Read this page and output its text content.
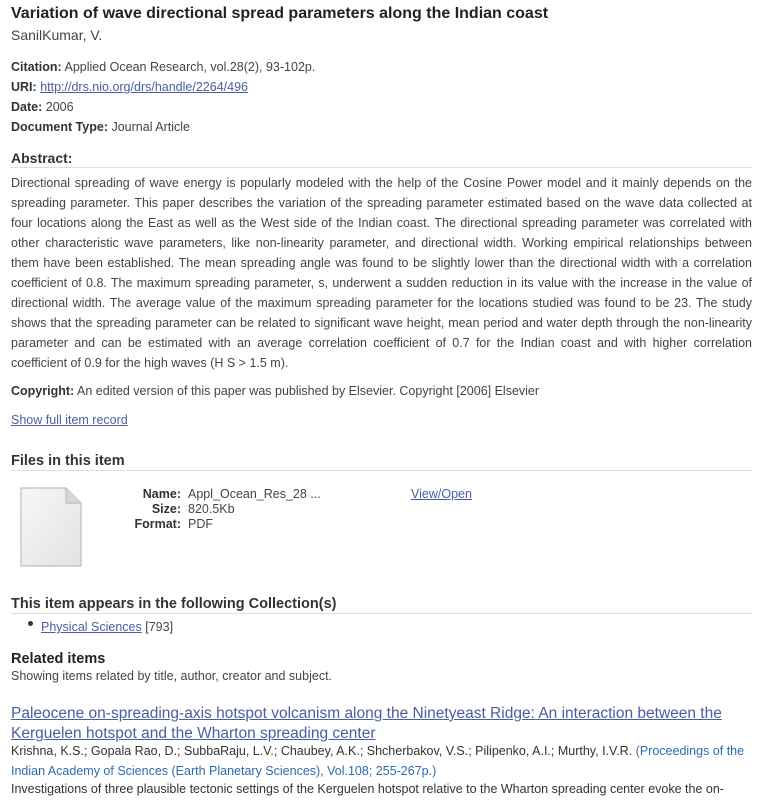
Variation of wave directional spread parameters along the Indian coast
SanilKumar, V.
Citation: Applied Ocean Research, vol.28(2), 93-102p.
URI: http://drs.nio.org/drs/handle/2264/496
Date: 2006
Document Type: Journal Article
Abstract:

Directional spreading of wave energy is popularly modeled with the help of the Cosine Power model and it mainly depends on the spreading parameter. This paper describes the variation of the spreading parameter estimated based on the wave data collected at four locations along the East as well as the West side of the Indian coast. The directional spreading parameter was correlated with other characteristic wave parameters, like non-linearity parameter, and directional width. Working empirical relationships between them have been established. The mean spreading angle was found to be slightly lower than the directional width with a correlation coefficient of 0.8. The maximum spreading parameter, s, underwent a sudden reduction in its value with the increase in the value of directional width. The average value of the maximum spreading parameter for the locations studied was found to be 23. The study shows that the spreading parameter can be related to significant wave height, mean period and water depth through the non-linearity parameter and can be estimated with an average correlation coefficient of 0.7 for the Indian coast and with higher correlation coefficient of 0.9 for the high waves (H S > 1.5 m).

Copyright: An edited version of this paper was published by Elsevier. Copyright [2006] Elsevier
Show full item record
Files in this item
Name:
Size:
Format:
Appl_Ocean_Res_28 ...
820.5Kb
PDF
View/Open
This item appears in the following Collection(s)
Physical Sciences [793]
Related items
Showing items related by title, author, creator and subject.
Paleocene on-spreading-axis hotspot volcanism along the Ninetyeast Ridge: An interaction between the Kerguelen hotspot and the Wharton spreading center
Krishna, K.S.; Gopala Rao, D.; SubbaRaju, L.V.; Chaubey, A.K.; Shcherbakov, V.S.; Pilipenko, A.I.; Murthy, I.V.R. (Proceedings of the Indian Academy of Sciences (Earth Planetary Sciences), Vol.108; 255-267p.)
Investigations of three plausible tectonic settings of the Kerguelen hotspot relative to the Wharton spreading center evoke the on-
